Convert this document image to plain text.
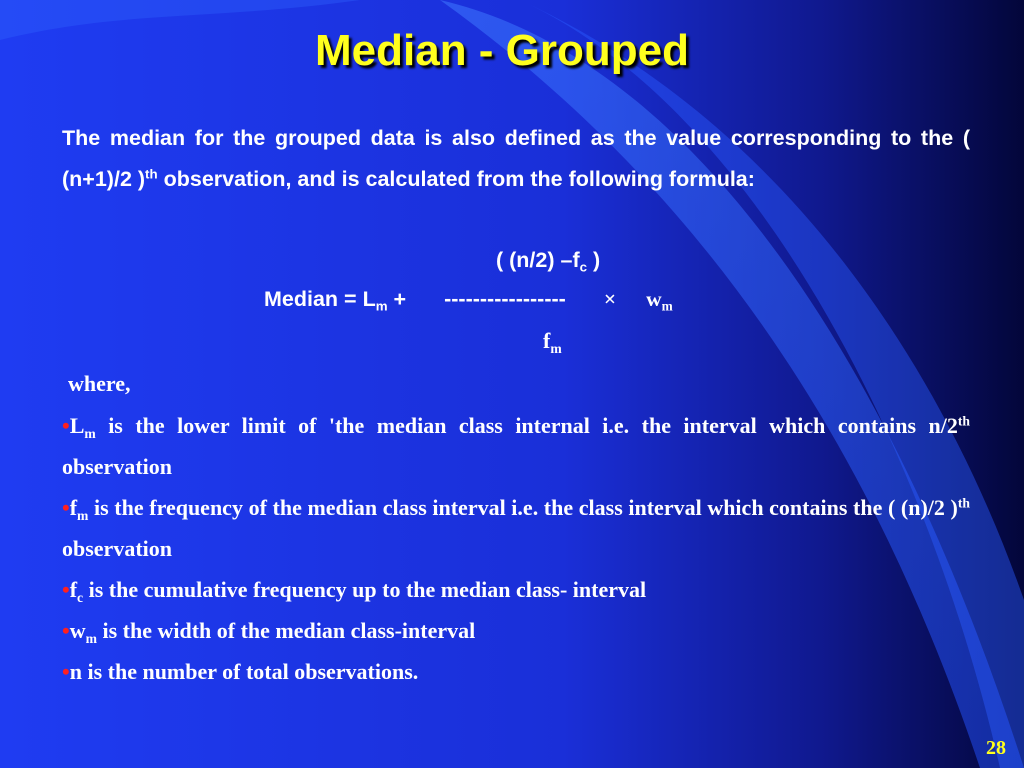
Median - Grouped
The median for the grouped data is also defined as the value corresponding to the ( (n+1)/2 )$^{th}$ observation, and is calculated from the following formula:
( (n/2) $-f_c$ )
Median = $L_m$ + ----------------- × $w_m$
$f_m$
where,
$•L_m$ is the lower limit of 'the median class internal i.e. the interval which contains n/2th observation
$•f_m$ is the frequency of the median class interval i.e. the class interval which contains the ( (n)/2 )$^{th}$ observation
$•f_c$ is the cumulative frequency up to the median class- interval
$•w_m$ is the width of the median class-interval
•n is the number of total observations.
28
